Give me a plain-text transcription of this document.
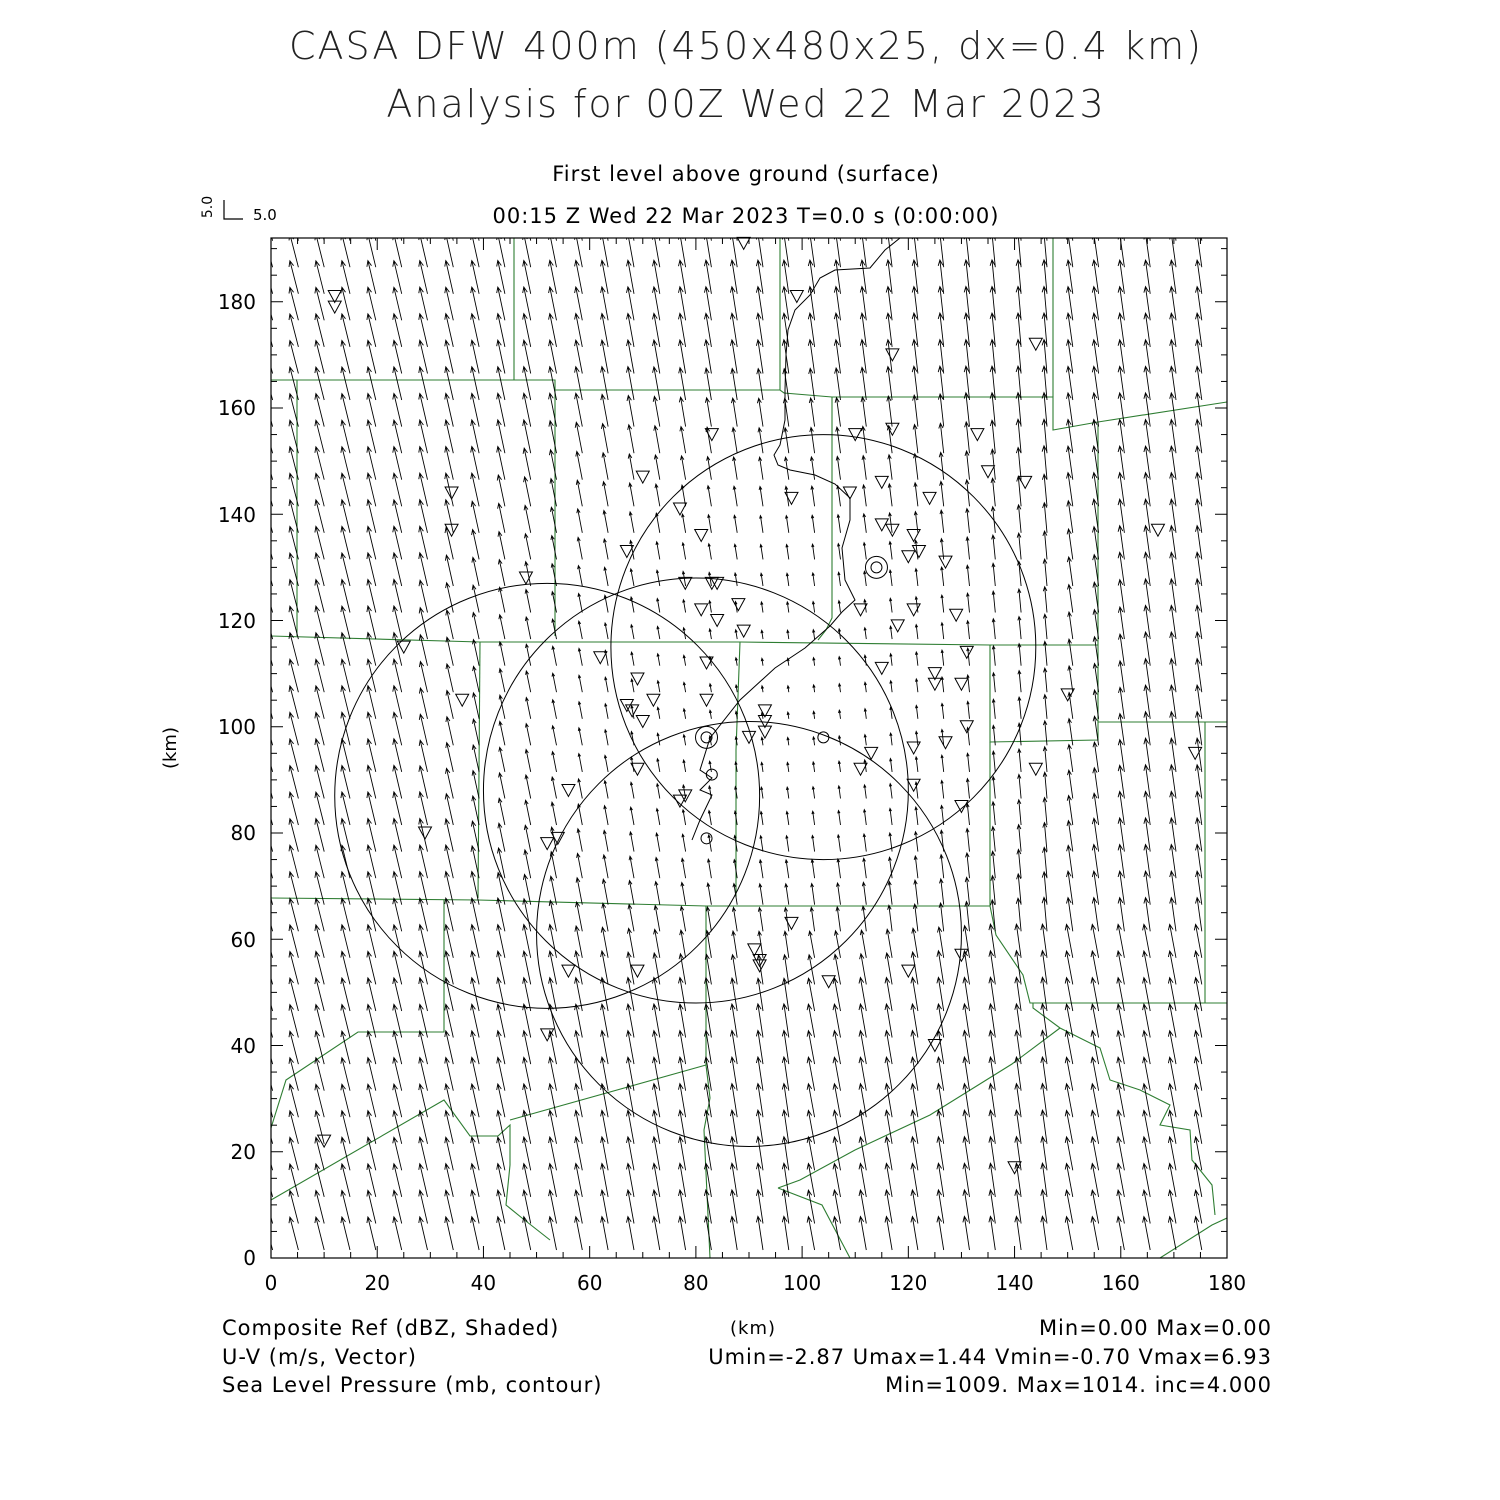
CASA DFW 400m (450x480x25, dx=0.4 km)
Analysis for 00Z Wed 22 Mar 2023
First level above ground (surface)
00:15 Z Wed 22 Mar 2023 T=0.0 s (0:00:00)
0	20	40	60	80	100	120	140	160	180
0
20
40
60
80
100
120
140
160
180
(km)
5.0 5.0
Composite Ref (dBZ, Shaded)
U-V (m/s, Vector)
Sea Level Pressure (mb, contour)
(km)	Min=0.00 Max=0.00
Umin=-2.87 Umax=1.44 Vmin=-0.70 Vmax=6.93
Min=1009. Max=1014. inc=4.000
